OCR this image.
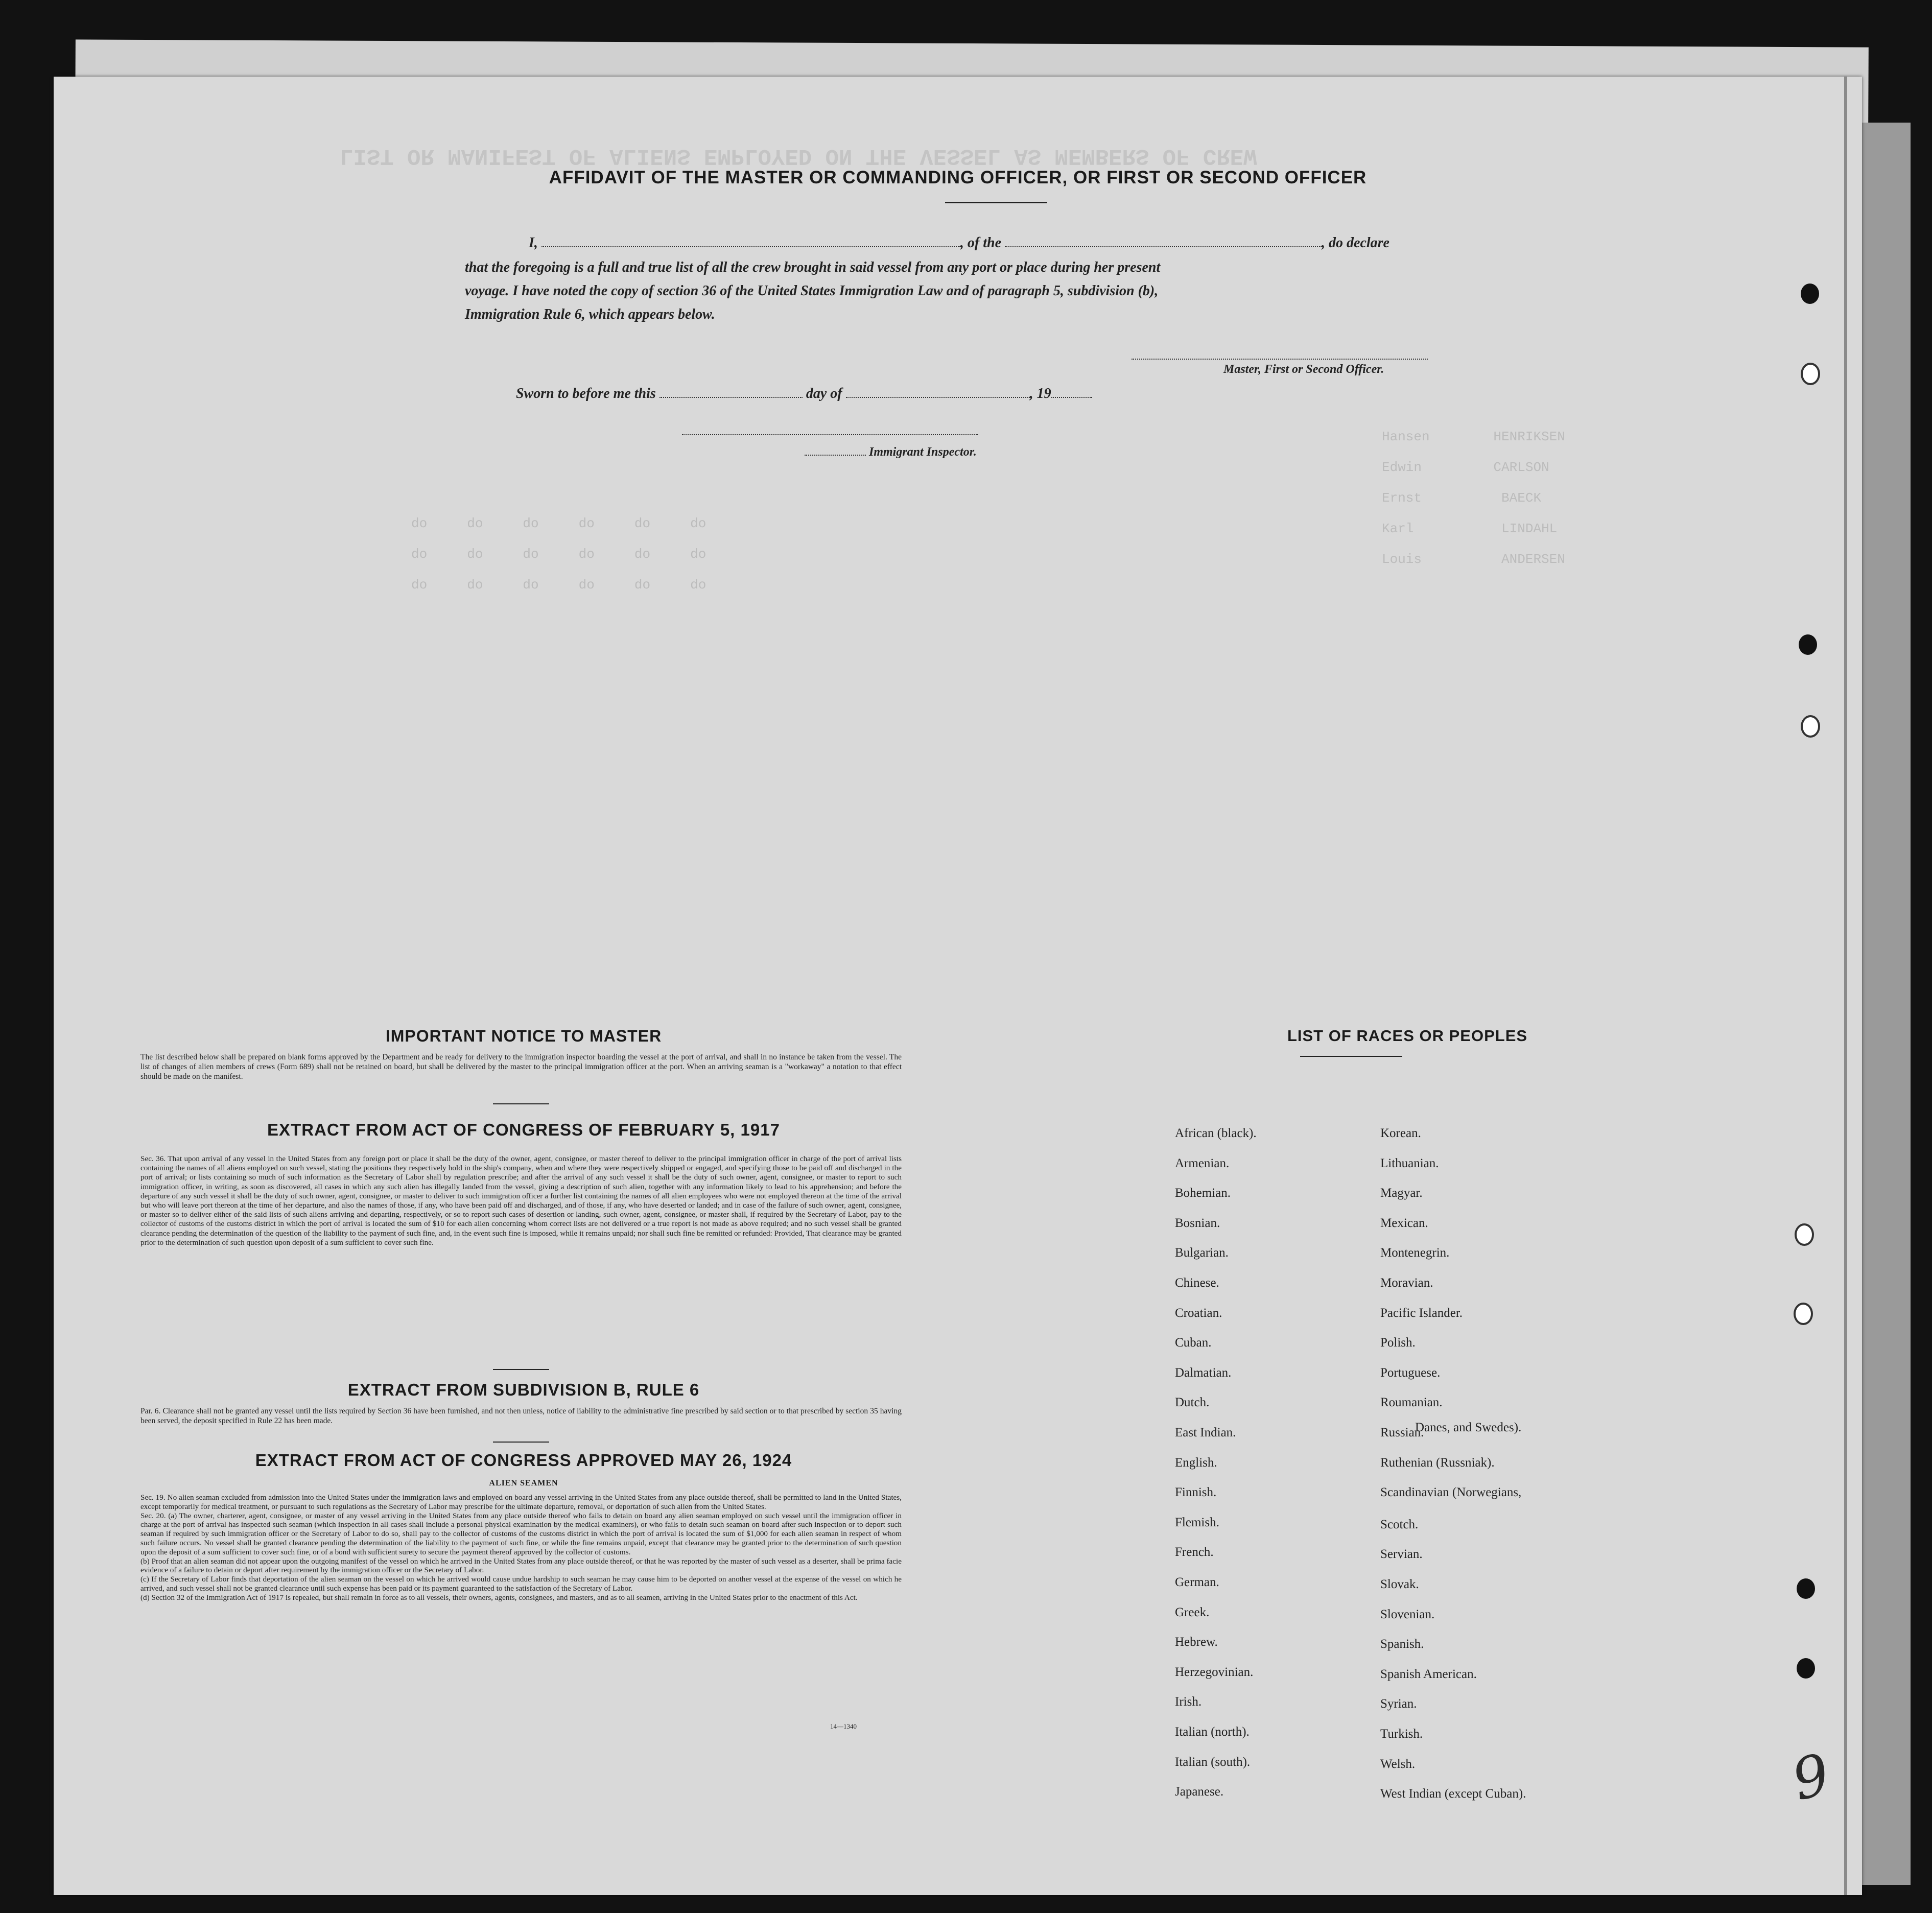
LIST OR MANIFEST OF ALIENS EMPLOYED ON THE VESSEL AS MEMBERS OF CREW
Hansen        HENRIKSEN

Edwin         CARLSON

Ernst          BAECK

Karl           LINDAHL

Louis          ANDERSEN
do     do     do     do     do     do

do     do     do     do     do     do

do     do     do     do     do     do
AFFIDAVIT OF THE MASTER OR COMMANDING OFFICER, OR FIRST OR SECOND OFFICER
I,	, of the	, do declare
that the foregoing is a full and true list of all the crew brought in said vessel from any port or place during her present
voyage. I have noted the copy of section 36 of the United States Immigration Law and of paragraph 5, subdivision (b),
Immigration Rule 6, which appears below.
Master, First or Second Officer.
Sworn to before me this	day of	, 19
Immigrant Inspector.
IMPORTANT NOTICE TO MASTER
The list described below shall be prepared on blank forms approved by the Department and be ready for delivery to the immigration inspector boarding the vessel at the port of arrival, and shall in no instance be taken from the vessel. The list of changes of alien members of crews (Form 689) shall not be retained on board, but shall be delivered by the master to the principal immigration officer at the port. When an arriving seaman is a "workaway" a notation to that effect should be made on the manifest.
EXTRACT FROM ACT OF CONGRESS OF FEBRUARY 5, 1917
Sec. 36. That upon arrival of any vessel in the United States from any foreign port or place it shall be the duty of the owner, agent, consignee, or master thereof to deliver to the principal immigration officer in charge of the port of arrival lists containing the names of all aliens employed on such vessel, stating the positions they respectively hold in the ship's company, when and where they were respectively shipped or engaged, and specifying those to be paid off and discharged in the port of arrival; or lists containing so much of such information as the Secretary of Labor shall by regulation prescribe; and after the arrival of any such vessel it shall be the duty of such owner, agent, consignee, or master to report to such immigration officer, in writing, as soon as discovered, all cases in which any such alien has illegally landed from the vessel, giving a description of such alien, together with any information likely to lead to his apprehension; and before the departure of any such vessel it shall be the duty of such owner, agent, consignee, or master to deliver to such immigration officer a further list containing the names of all alien employees who were not employed thereon at the time of the arrival but who will leave port thereon at the time of her departure, and also the names of those, if any, who have been paid off and discharged, and of those, if any, who have deserted or landed; and in case of the failure of such owner, agent, consignee, or master so to deliver either of the said lists of such aliens arriving and departing, respectively, or so to report such cases of desertion or landing, such owner, agent, consignee, or master shall, if required by the Secretary of Labor, pay to the collector of customs of the customs district in which the port of arrival is located the sum of $10 for each alien concerning whom correct lists are not delivered or a true report is not made as above required; and no such vessel shall be granted clearance pending the determination of the question of the liability to the payment of such fine, and, in the event such fine is imposed, while it remains unpaid; nor shall such fine be remitted or refunded: Provided, That clearance may be granted prior to the determination of such question upon deposit of a sum sufficient to cover such fine.
EXTRACT FROM SUBDIVISION B, RULE 6
Par. 6. Clearance shall not be granted any vessel until the lists required by Section 36 have been furnished, and not then unless, notice of liability to the administrative fine prescribed by said section or to that prescribed by section 35 having been served, the deposit specified in Rule 22 has been made.
EXTRACT FROM ACT OF CONGRESS APPROVED MAY 26, 1924
ALIEN SEAMEN
Sec. 19. No alien seaman excluded from admission into the United States under the immigration laws and employed on board any vessel arriving in the United States from any place outside thereof, shall be permitted to land in the United States, except temporarily for medical treatment, or pursuant to such regulations as the Secretary of Labor may prescribe for the ultimate departure, removal, or deportation of such alien from the United States.
Sec. 20. (a) The owner, charterer, agent, consignee, or master of any vessel arriving in the United States from any place outside thereof who fails to detain on board any alien seaman employed on such vessel until the immigration officer in charge at the port of arrival has inspected such seaman (which inspection in all cases shall include a personal physical examination by the medical examiners), or who fails to detain such seaman on board after such inspection or to deport such seaman if required by such immigration officer or the Secretary of Labor to do so, shall pay to the collector of customs of the customs district in which the port of arrival is located the sum of $1,000 for each alien seaman in respect of whom such failure occurs. No vessel shall be granted clearance pending the determination of the liability to the payment of such fine, or while the fine remains unpaid, except that clearance may be granted prior to the determination of such question upon the deposit of a sum sufficient to cover such fine, or of a bond with sufficient surety to secure the payment thereof approved by the collector of customs.
(b) Proof that an alien seaman did not appear upon the outgoing manifest of the vessel on which he arrived in the United States from any place outside thereof, or that he was reported by the master of such vessel as a deserter, shall be prima facie evidence of a failure to detain or deport after requirement by the immigration officer or the Secretary of Labor.
(c) If the Secretary of Labor finds that deportation of the alien seaman on the vessel on which he arrived would cause undue hardship to such seaman he may cause him to be deported on another vessel at the expense of the vessel on which he arrived, and such vessel shall not be granted clearance until such expense has been paid or its payment guaranteed to the satisfaction of the Secretary of Labor.
(d) Section 32 of the Immigration Act of 1917 is repealed, but shall remain in force as to all vessels, their owners, agents, consignees, and masters, and as to all seamen, arriving in the United States prior to the enactment of this Act.
14—1340
LIST OF RACES OR PEOPLES
African (black).
Armenian.
Bohemian.
Bosnian.
Bulgarian.
Chinese.
Croatian.
Cuban.
Dalmatian.
Dutch.
East Indian.
English.
Finnish.
Flemish.
French.
German.
Greek.
Hebrew.
Herzegovinian.
Irish.
Italian (north).
Italian (south).
Japanese.
Korean.
Lithuanian.
Magyar.
Mexican.
Montenegrin.
Moravian.
Pacific Islander.
Polish.
Portuguese.
Roumanian.
Russian.
Ruthenian (Russniak).
Scandinavian (Norwegians,
Scotch.
Servian.
Slovak.
Slovenian.
Spanish.
Spanish American.
Syrian.
Turkish.
Welsh.
West Indian (except Cuban).
Danes, and Swedes).
9
